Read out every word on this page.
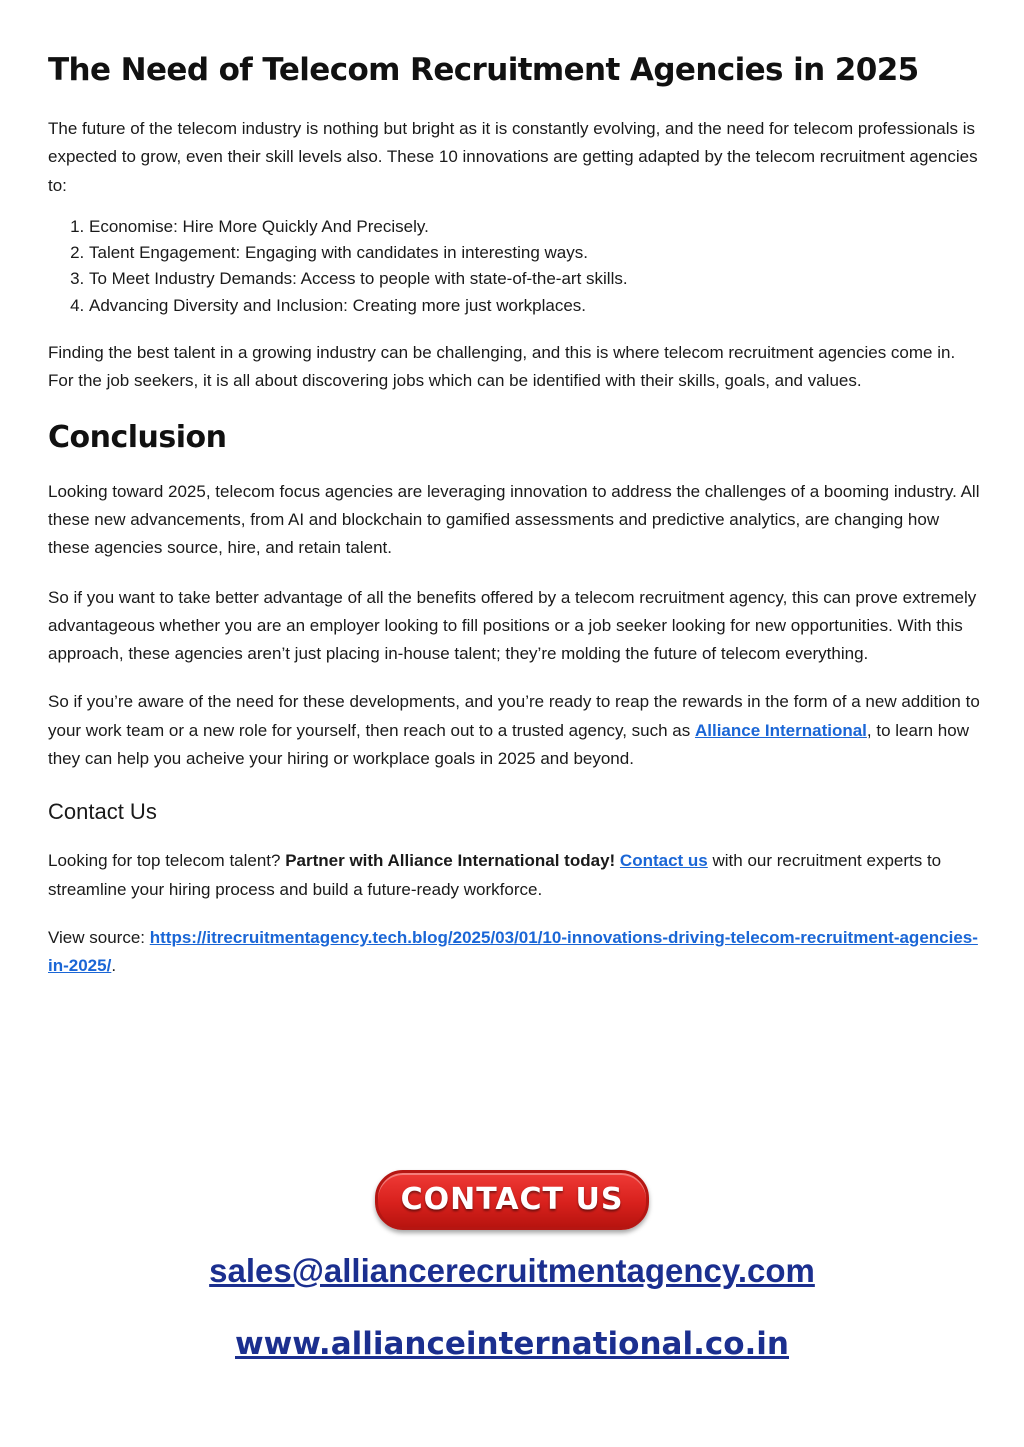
The Need of Telecom Recruitment Agencies in 2025

The future of the telecom industry is nothing but bright as it is constantly evolving, and the need for telecom professionals is expected to grow, even their skill levels also. These 10 innovations are getting adapted by the telecom recruitment agencies to:

1. Economise: Hire More Quickly And Precisely.
2. Talent Engagement: Engaging with candidates in interesting ways.
3. To Meet Industry Demands: Access to people with state-of-the-art skills.
4. Advancing Diversity and Inclusion: Creating more just workplaces.

Finding the best talent in a growing industry can be challenging, and this is where telecom recruitment agencies come in. For the job seekers, it is all about discovering jobs which can be identified with their skills, goals, and values.

Conclusion

Looking toward 2025, telecom focus agencies are leveraging innovation to address the challenges of a booming industry. All these new advancements, from AI and blockchain to gamified assessments and predictive analytics, are changing how these agencies source, hire, and retain talent.

So if you want to take better advantage of all the benefits offered by a telecom recruitment agency, this can prove extremely advantageous whether you are an employer looking to fill positions or a job seeker looking for new opportunities. With this approach, these agencies aren’t just placing in-house talent; they’re molding the future of telecom everything.

So if you’re aware of the need for these developments, and you’re ready to reap the rewards in the form of a new addition to your work team or a new role for yourself, then reach out to a trusted agency, such as Alliance International, to learn how they can help you acheive your hiring or workplace goals in 2025 and beyond.

Contact Us

Looking for top telecom talent? Partner with Alliance International today! Contact us with our recruitment experts to streamline your hiring process and build a future-ready workforce.

View source: https://itrecruitmentagency.tech.blog/2025/03/01/10-innovations-driving-telecom-recruitment-agencies-in-2025/.

CONTACT US
sales@alliancerecruitmentagency.com
www.allianceinternational.co.in
